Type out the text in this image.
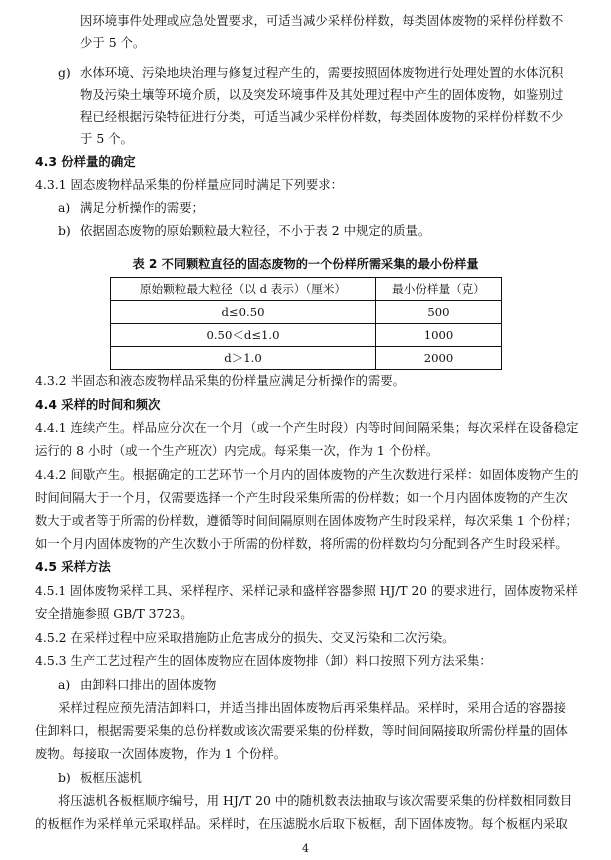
因环境事件处理或应急处置要求，可适当减少采样份样数，每类固体废物的采样份样数不
少于 5 个。
g) 水体环境、污染地块治理与修复过程产生的，需要按照固体废物进行处理处置的水体沉积
物及污染土壤等环境介质，以及突发环境事件及其处理过程中产生的固体废物，如鉴别过
程已经根据污染特征进行分类，可适当减少采样份样数，每类固体废物的采样份样数不少
于 5 个。
4.3 份样量的确定
4.3.1 固态废物样品采集的份样量应同时满足下列要求：
a) 满足分析操作的需要；
b) 依据固态废物的原始颗粒最大粒径，不小于表 2 中规定的质量。
表 2 不同颗粒直径的固态废物的一个份样所需采集的最小份样量
原始颗粒最大粒径（以 d 表示）（厘米）	最小份样量（克）
d≤0.50	500
0.50＜d≤1.0	1000
d＞1.0	2000
4.3.2 半固态和液态废物样品采集的份样量应满足分析操作的需要。
4.4 采样的时间和频次
4.4.1 连续产生。样品应分次在一个月（或一个产生时段）内等时间间隔采集；每次采样在设备稳定
运行的 8 小时（或一个生产班次）内完成。每采集一次，作为 1 个份样。
4.4.2 间歇产生。根据确定的工艺环节一个月内的固体废物的产生次数进行采样：如固体废物产生的
时间间隔大于一个月，仅需要选择一个产生时段采集所需的份样数；如一个月内固体废物的产生次
数大于或者等于所需的份样数，遵循等时间间隔原则在固体废物产生时段采样，每次采集 1 个份样；
如一个月内固体废物的产生次数小于所需的份样数，将所需的份样数均匀分配到各产生时段采样。
4.5 采样方法
4.5.1 固体废物采样工具、采样程序、采样记录和盛样容器参照 HJ/T 20 的要求进行，固体废物采样
安全措施参照 GB/T 3723。
4.5.2 在采样过程中应采取措施防止危害成分的损失、交叉污染和二次污染。
4.5.3 生产工艺过程产生的固体废物应在固体废物排（卸）料口按照下列方法采集：
a) 由卸料口排出的固体废物
采样过程应预先清洁卸料口，并适当排出固体废物后再采集样品。采样时，采用合适的容器接
住卸料口，根据需要采集的总份样数或该次需要采集的份样数，等时间间隔接取所需份样量的固体
废物。每接取一次固体废物，作为 1 个份样。
b) 板框压滤机
将压滤机各板框顺序编号，用 HJ/T 20 中的随机数表法抽取与该次需要采集的份样数相同数目
的板框作为采样单元采取样品。采样时，在压滤脱水后取下板框，刮下固体废物。每个板框内采取
4
